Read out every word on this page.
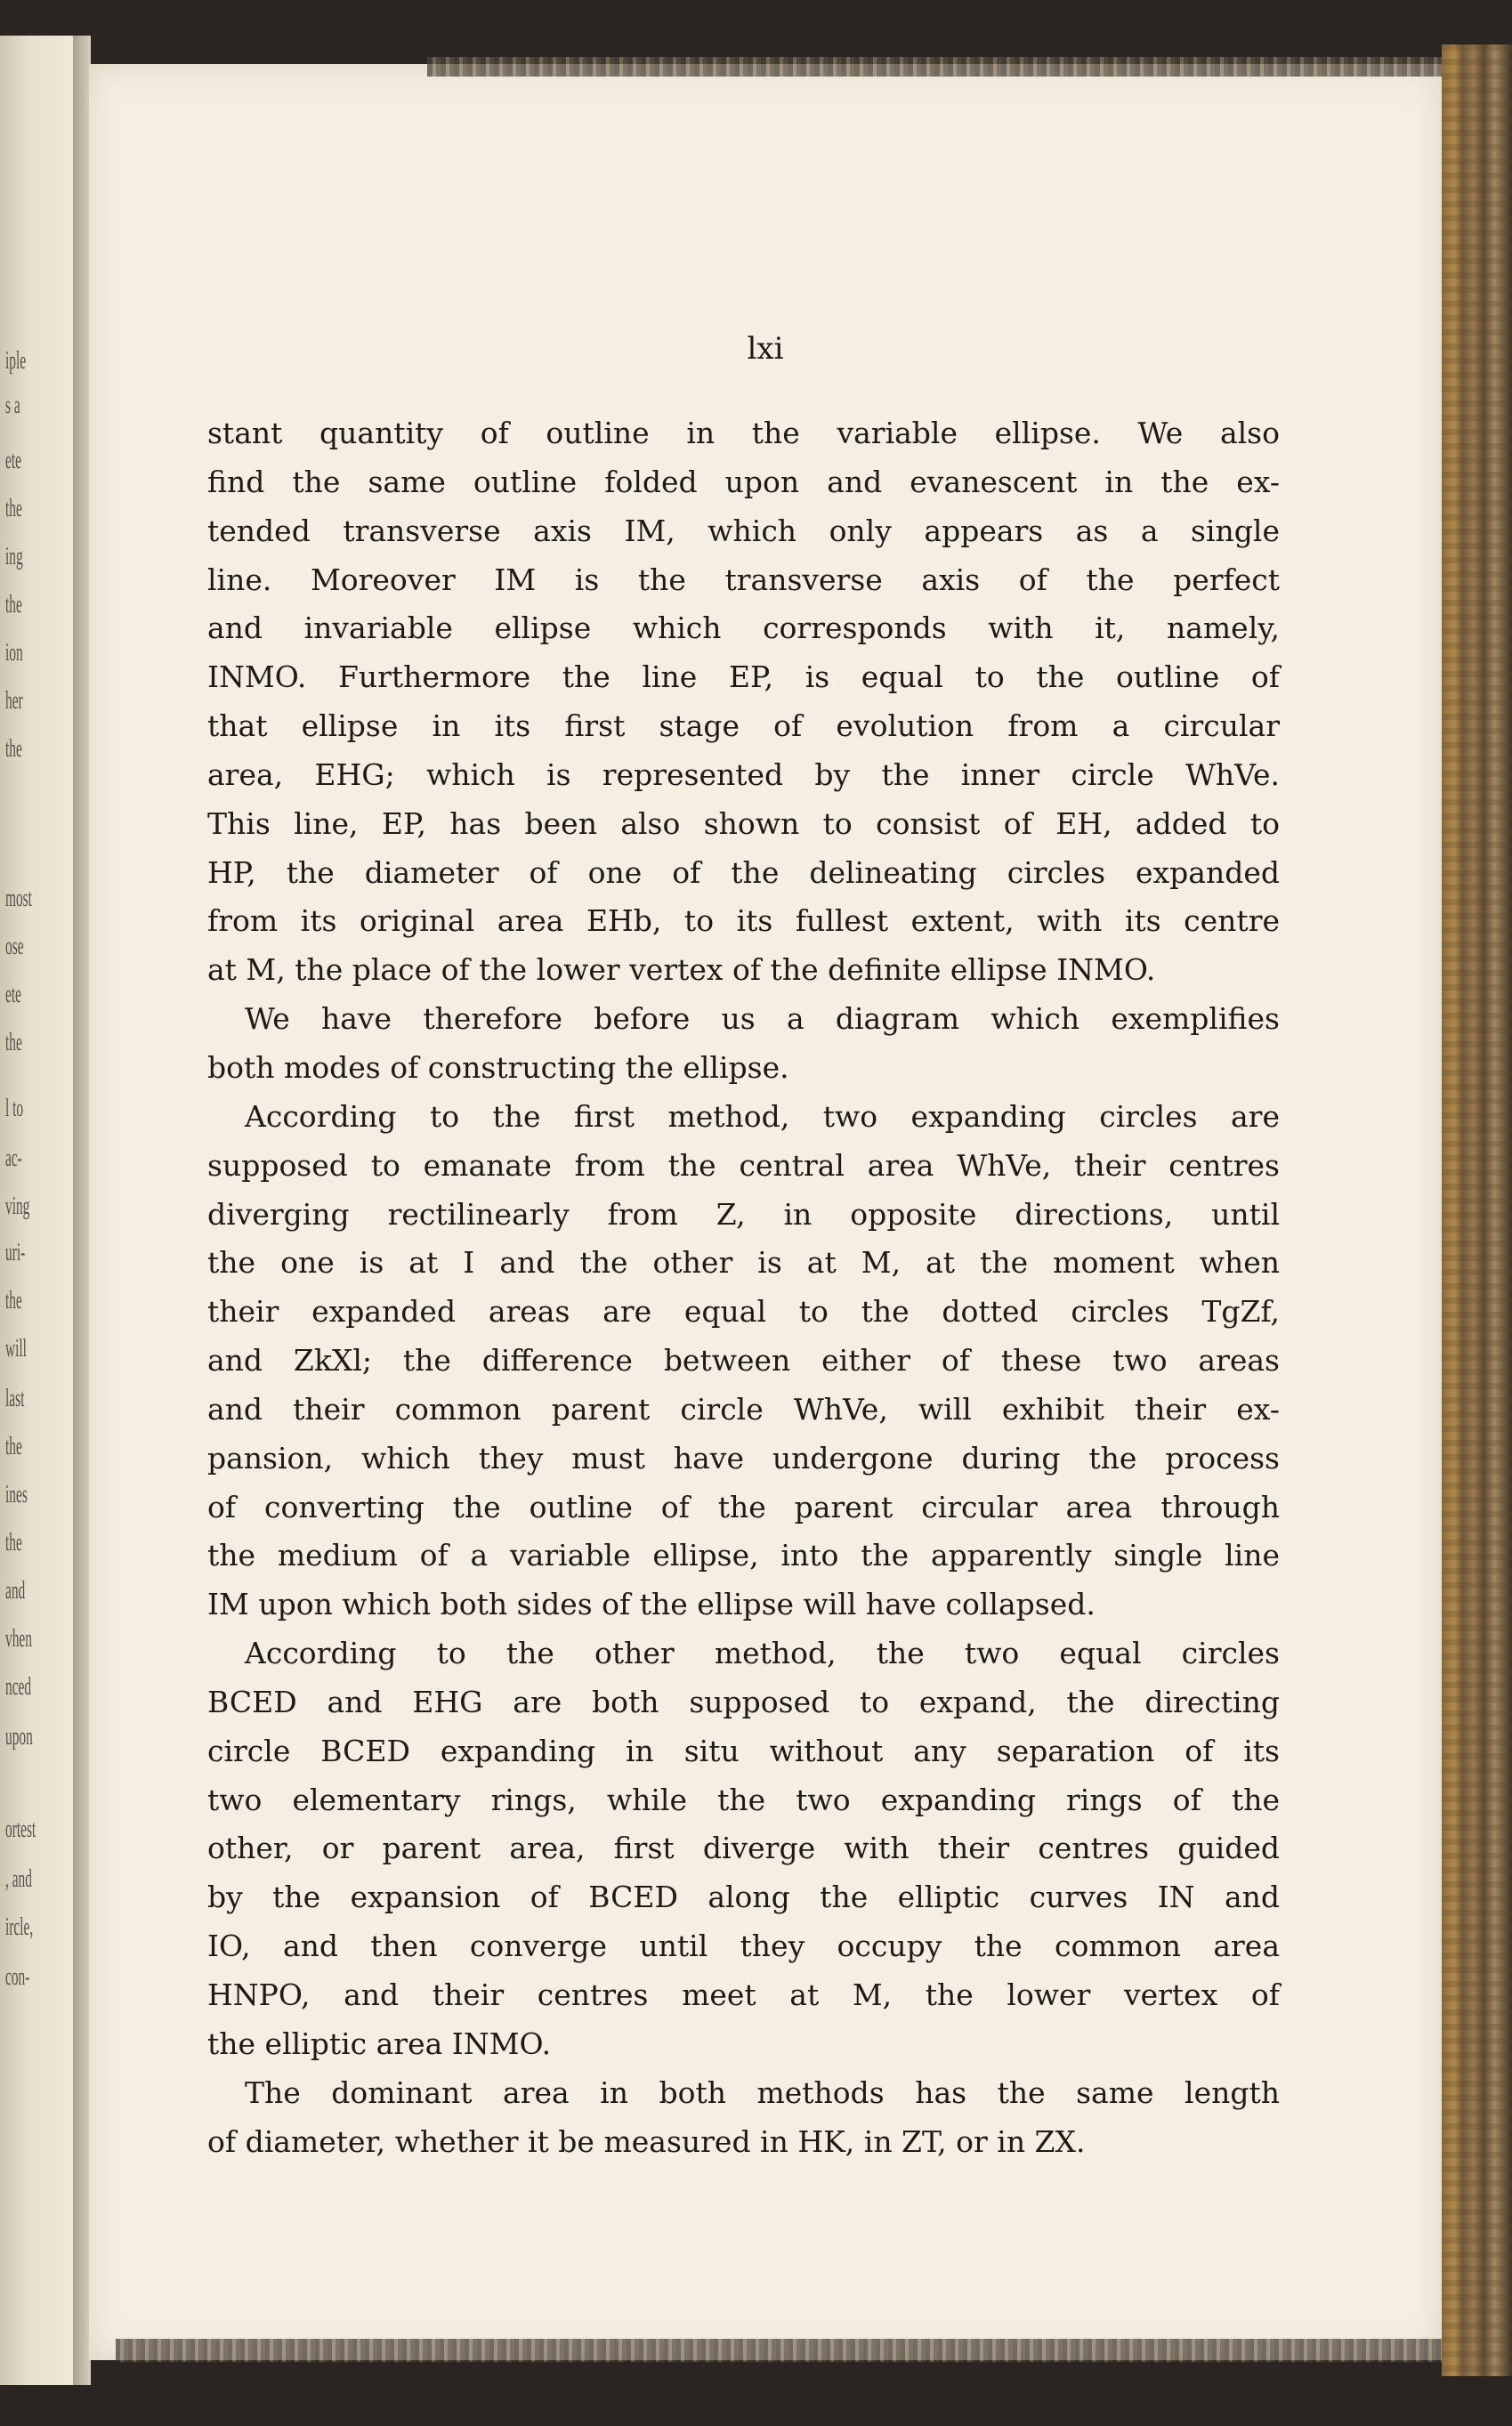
iple
s a
ete
the
ing
the
ion
her
the
most
ose
ete
the
l to
ac-
ving
uri-
the
will
last
the
ines
the
and
vhen
nced
upon
ortest
, and
ircle,
con-
lxi
stant quantity of outline in the variable ellipse. We also
find the same outline folded upon and evanescent in the ex-
tended transverse axis IM, which only appears as a single
line. Moreover IM is the transverse axis of the perfect
and invariable ellipse which corresponds with it, namely,
INMO. Furthermore the line EP, is equal to the outline of
that ellipse in its first stage of evolution from a circular
area, EHG; which is represented by the inner circle WhVe.
This line, EP, has been also shown to consist of EH, added to
HP, the diameter of one of the delineating circles expanded
from its original area EHb, to its fullest extent, with its centre
at M, the place of the lower vertex of the definite ellipse INMO.
We have therefore before us a diagram which exemplifies
both modes of constructing the ellipse.
According to the first method, two expanding circles are
supposed to emanate from the central area WhVe, their centres
diverging rectilinearly from Z, in opposite directions, until
the one is at I and the other is at M, at the moment when
their expanded areas are equal to the dotted circles TgZf,
and ZkXl; the difference between either of these two areas
and their common parent circle WhVe, will exhibit their ex-
pansion, which they must have undergone during the process
of converting the outline of the parent circular area through
the medium of a variable ellipse, into the apparently single line
IM upon which both sides of the ellipse will have collapsed.
According to the other method, the two equal circles
BCED and EHG are both supposed to expand, the directing
circle BCED expanding in situ without any separation of its
two elementary rings, while the two expanding rings of the
other, or parent area, first diverge with their centres guided
by the expansion of BCED along the elliptic curves IN and
IO, and then converge until they occupy the common area
HNPO, and their centres meet at M, the lower vertex of
the elliptic area INMO.
The dominant area in both methods has the same length
of diameter, whether it be measured in HK, in ZT, or in ZX.
